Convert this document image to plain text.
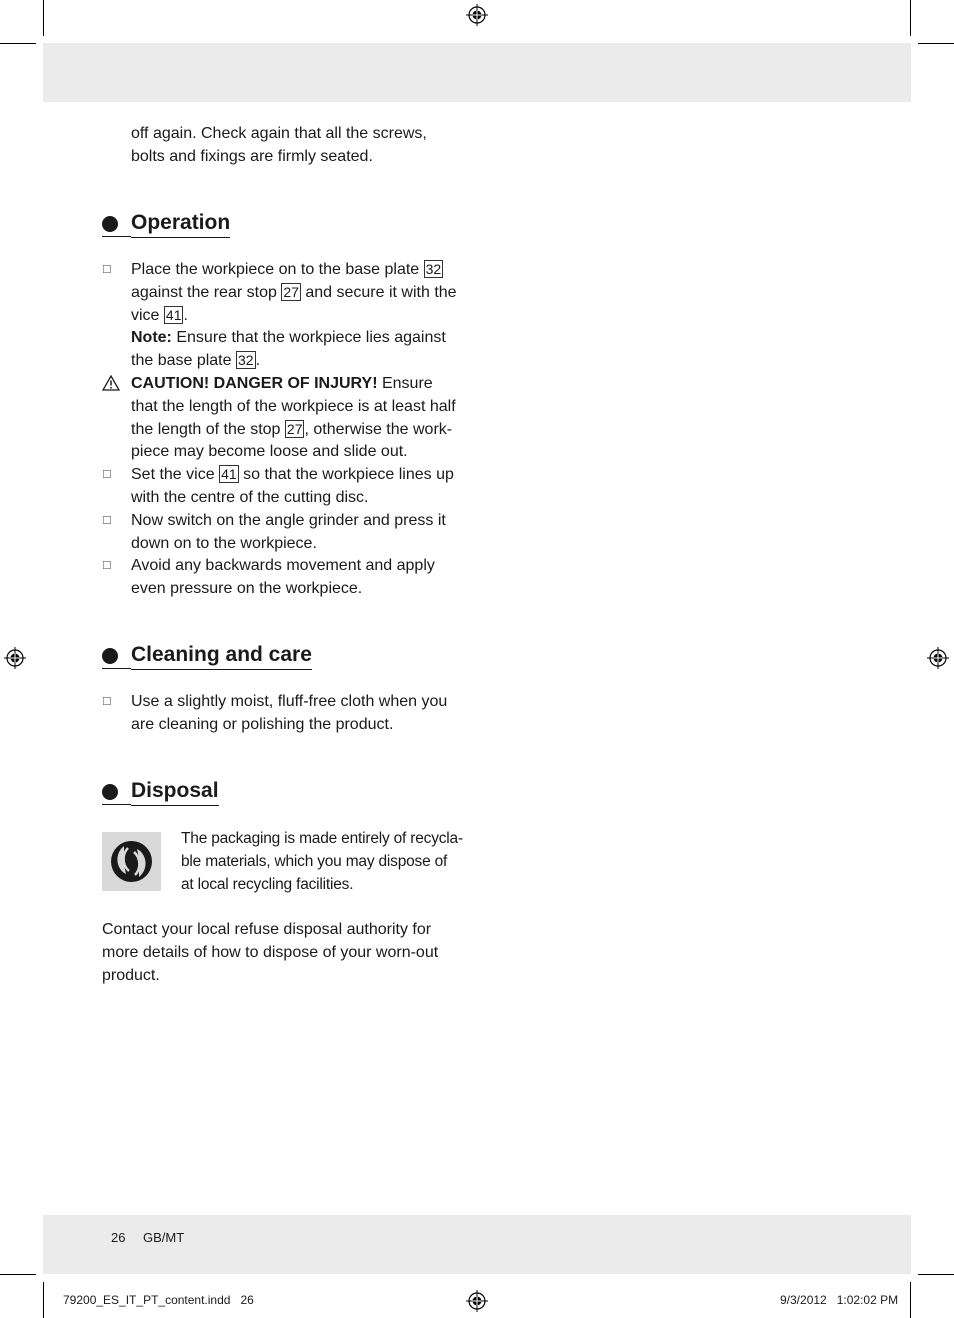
off again. Check again that all the screws,
bolts and fixings are firmly seated.
Operation
☐	Place the workpiece on to the base plate 32
against the rear stop 27 and secure it with the
vice 41 .
Note: Ensure that the workpiece lies against
the base plate 32 .
CAUTION! DANGER OF INJURY! Ensure
that the length of the workpiece is at least half
the length of the stop 27 , otherwise the work-
piece may become loose and slide out.
☐	Set the vice 41 so that the workpiece lines up
with the centre of the cutting disc.
☐	Now switch on the angle grinder and press it
down on to the workpiece.
☐	Avoid any backwards movement and apply
even pressure on the workpiece.
Cleaning and care
☐	Use a slightly moist, fluff-free cloth when you
are cleaning or polishing the product.
Disposal
The packaging is made entirely of recycla-
ble materials, which you may dispose of
at local recycling facilities.
Contact your local refuse disposal authority for
more details of how to dispose of your worn-out
product.
26 GB/MT
79200_ES_IT_PT_content.indd   26	9/3/2012   1:02:02 PM
